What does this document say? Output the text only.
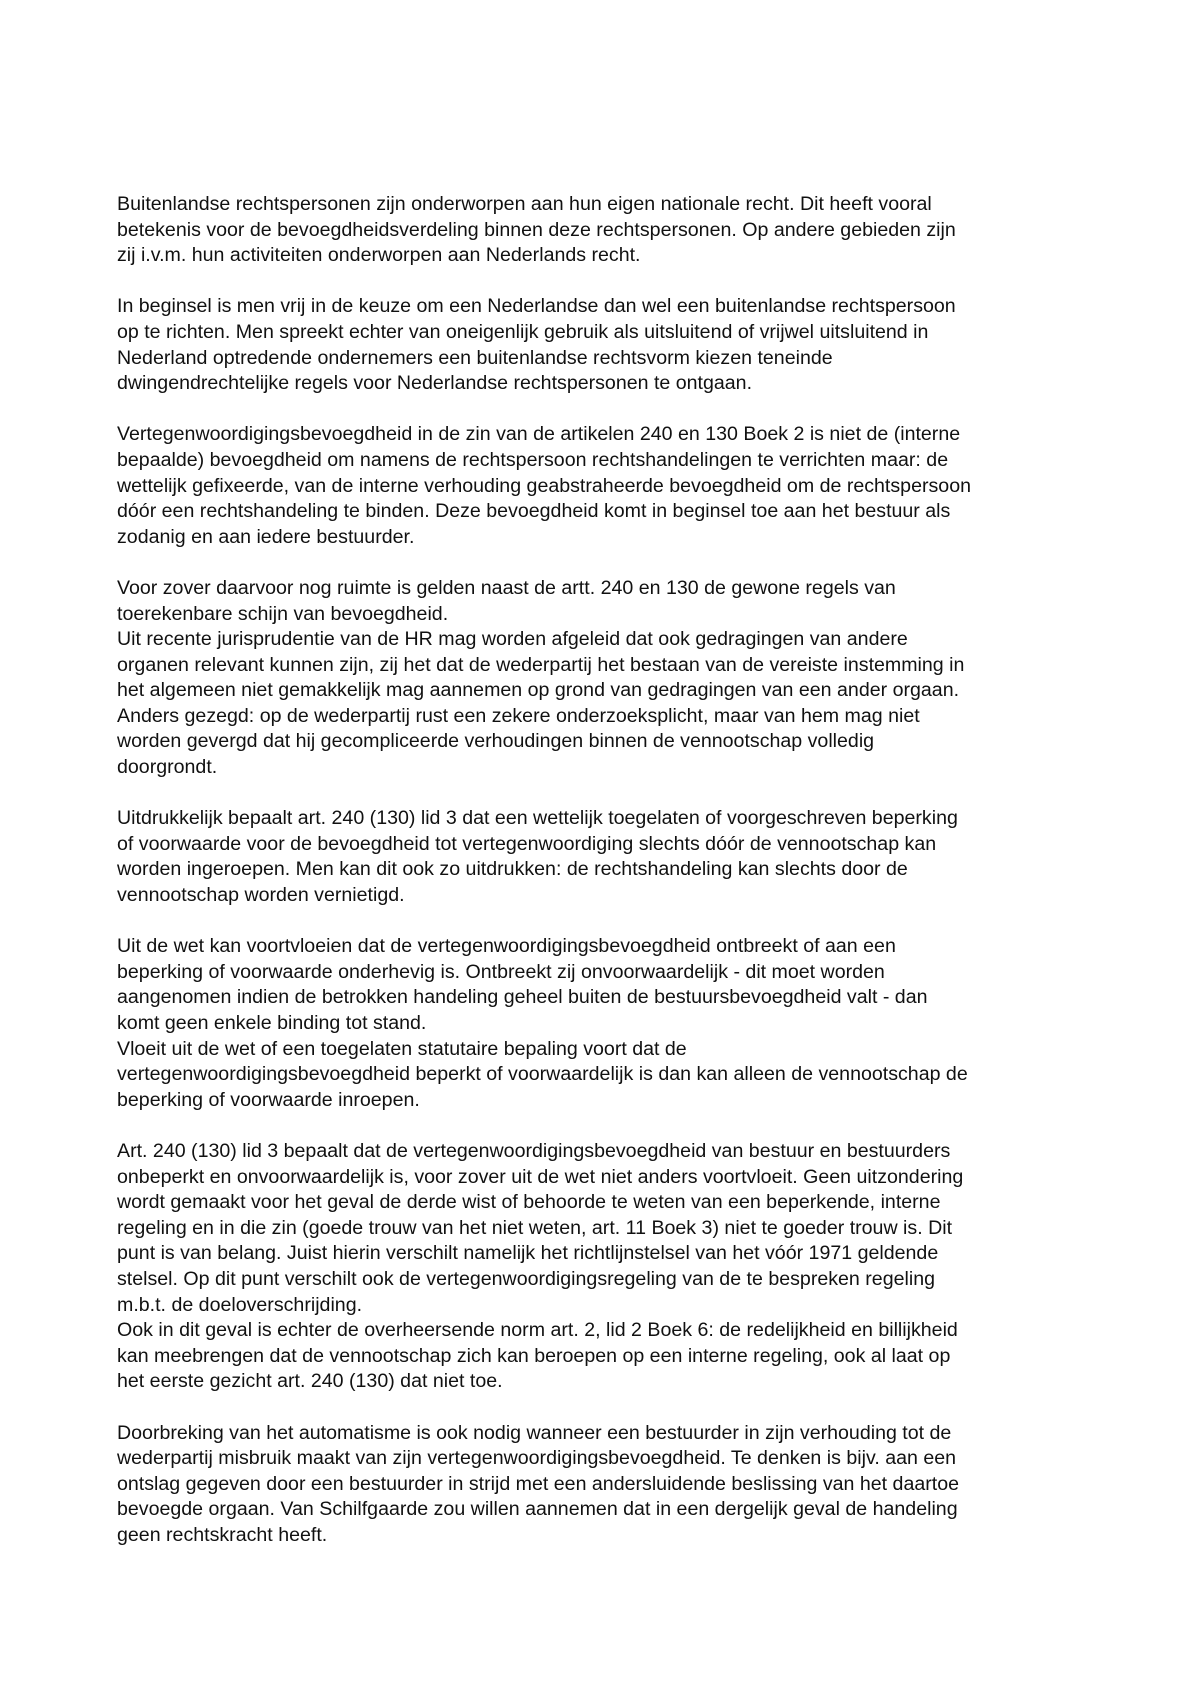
Buitenlandse rechtspersonen zijn onderworpen aan hun eigen nationale recht. Dit heeft vooral
betekenis voor de bevoegdheidsverdeling binnen deze rechtspersonen. Op andere gebieden zijn
zij i.v.m. hun activiteiten onderworpen aan Nederlands recht.
In beginsel is men vrij in de keuze om een Nederlandse dan wel een buitenlandse rechtspersoon
op te richten. Men spreekt echter van oneigenlijk gebruik als uitsluitend of vrijwel uitsluitend in
Nederland optredende ondernemers een buitenlandse rechtsvorm kiezen teneinde
dwingendrechtelijke regels voor Nederlandse rechtspersonen te ontgaan.
Vertegenwoordigingsbevoegdheid in de zin van de artikelen 240 en 130 Boek 2 is niet de (interne
bepaalde) bevoegdheid om namens de rechtspersoon rechtshandelingen te verrichten maar: de
wettelijk gefixeerde, van de interne verhouding geabstraheerde bevoegdheid om de rechtspersoon
dóór een rechtshandeling te binden. Deze bevoegdheid komt in beginsel toe aan het bestuur als
zodanig en aan iedere bestuurder.
Voor zover daarvoor nog ruimte is gelden naast de artt. 240 en 130 de gewone regels van
toerekenbare schijn van bevoegdheid.
Uit recente jurisprudentie van de HR mag worden afgeleid dat ook gedragingen van andere
organen relevant kunnen zijn, zij het dat de wederpartij het bestaan van de vereiste instemming in
het algemeen niet gemakkelijk mag aannemen op grond van gedragingen van een ander orgaan.
Anders gezegd: op de wederpartij rust een zekere onderzoeksplicht, maar van hem mag niet
worden gevergd dat hij gecompliceerde verhoudingen binnen de vennootschap volledig
doorgrondt.
Uitdrukkelijk bepaalt art. 240 (130) lid 3 dat een wettelijk toegelaten of voorgeschreven beperking
of voorwaarde voor de bevoegdheid tot vertegenwoordiging slechts dóór de vennootschap kan
worden ingeroepen. Men kan dit ook zo uitdrukken: de rechtshandeling kan slechts door de
vennootschap worden vernietigd.
Uit de wet kan voortvloeien dat de vertegenwoordigingsbevoegdheid ontbreekt of aan een
beperking of voorwaarde onderhevig is. Ontbreekt zij onvoorwaardelijk - dit moet worden
aangenomen indien de betrokken handeling geheel buiten de bestuursbevoegdheid valt - dan
komt geen enkele binding tot stand.
Vloeit uit de wet of een toegelaten statutaire bepaling voort dat de
vertegenwoordigingsbevoegdheid beperkt of voorwaardelijk is dan kan alleen de vennootschap de
beperking of voorwaarde inroepen.
Art. 240 (130) lid 3 bepaalt dat de vertegenwoordigingsbevoegdheid van bestuur en bestuurders
onbeperkt en onvoorwaardelijk is, voor zover uit de wet niet anders voortvloeit. Geen uitzondering
wordt gemaakt voor het geval de derde wist of behoorde te weten van een beperkende, interne
regeling en in die zin (goede trouw van het niet weten, art. 11 Boek 3) niet te goeder trouw is. Dit
punt is van belang. Juist hierin verschilt namelijk het richtlijnstelsel van het vóór 1971 geldende
stelsel. Op dit punt verschilt ook de vertegenwoordigingsregeling van de te bespreken regeling
m.b.t. de doeloverschrijding.
Ook in dit geval is echter de overheersende norm art. 2, lid 2 Boek 6: de redelijkheid en billijkheid
kan meebrengen dat de vennootschap zich kan beroepen op een interne regeling, ook al laat op
het eerste gezicht art. 240 (130) dat niet toe.
Doorbreking van het automatisme is ook nodig wanneer een bestuurder in zijn verhouding tot de
wederpartij misbruik maakt van zijn vertegenwoordigingsbevoegdheid. Te denken is bijv. aan een
ontslag gegeven door een bestuurder in strijd met een andersluidende beslissing van het daartoe
bevoegde orgaan. Van Schilfgaarde zou willen aannemen dat in een dergelijk geval de handeling
geen rechtskracht heeft.
